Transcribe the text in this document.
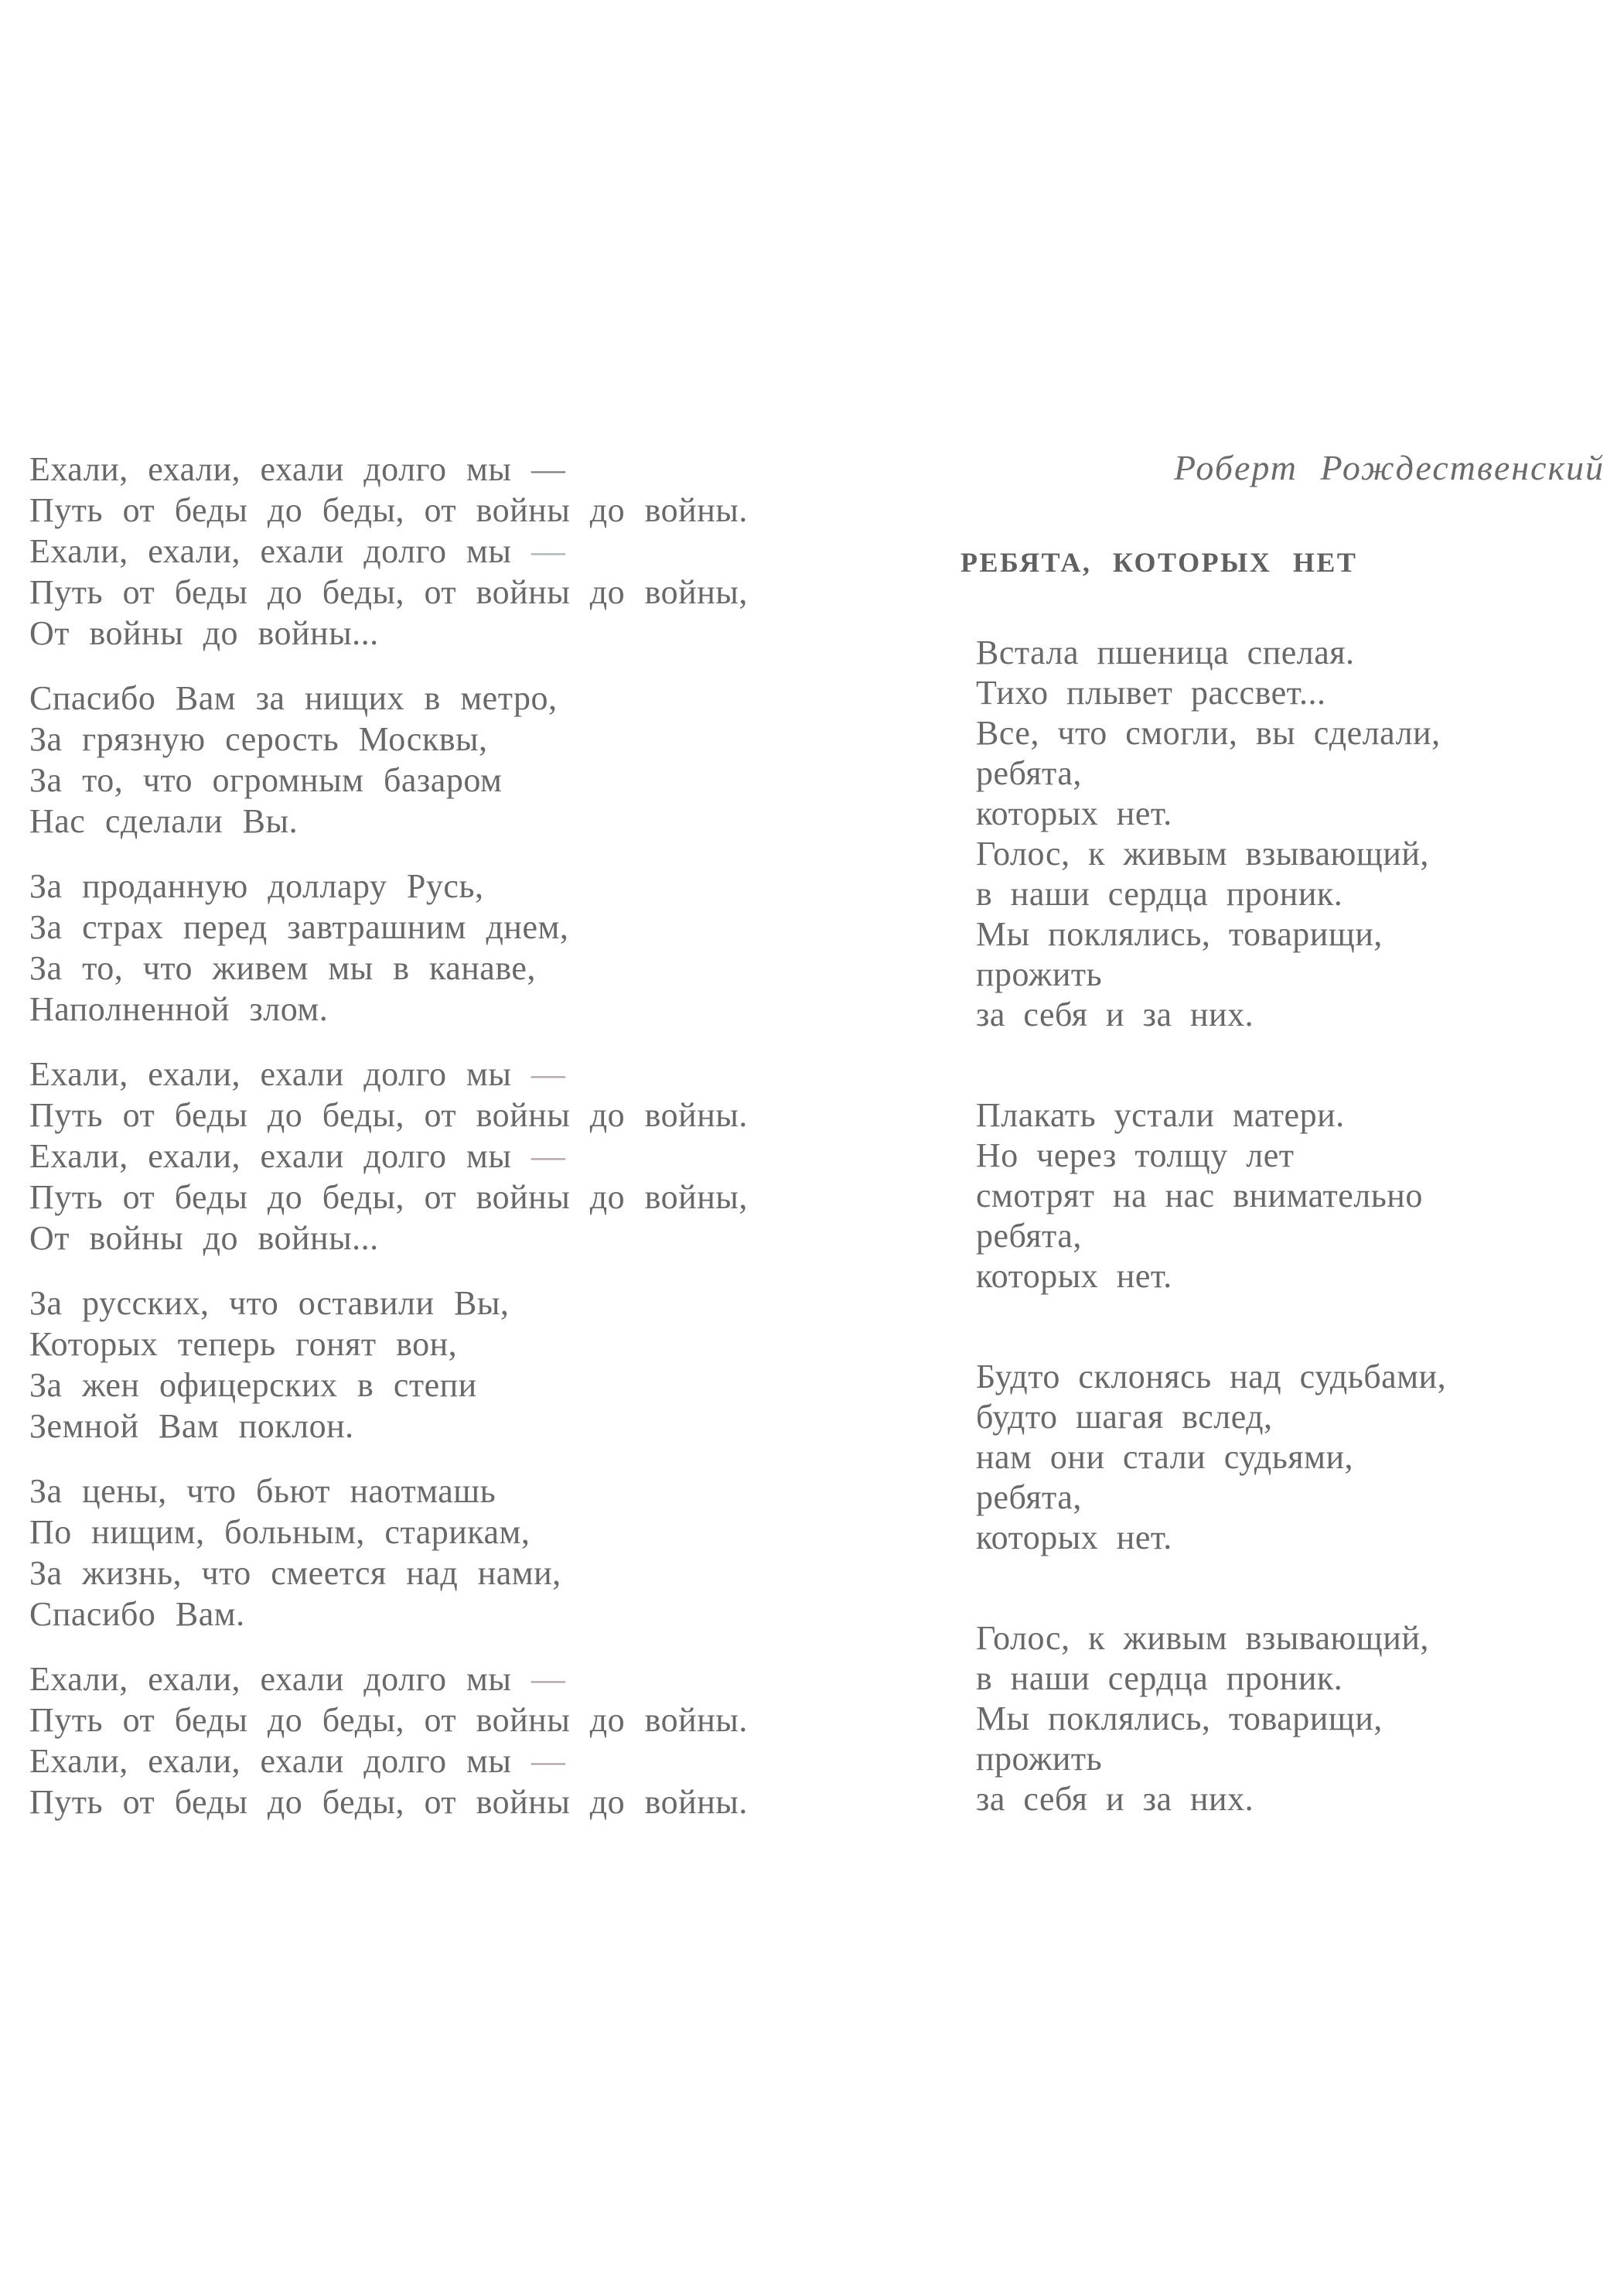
Ехали, ехали, ехали долго мы —
Путь от беды до беды, от войны до войны.
Ехали, ехали, ехали долго мы —
Путь от беды до беды, от войны до войны,
От войны до войны...
Спасибо Вам за нищих в метро,
За грязную серость Москвы,
За то, что огромным базаром
Нас сделали Вы.
За проданную доллару Русь,
За страх перед завтрашним днем,
За то, что живем мы в канаве,
Наполненной злом.
Ехали, ехали, ехали долго мы —
Путь от беды до беды, от войны до войны.
Ехали, ехали, ехали долго мы —
Путь от беды до беды, от войны до войны,
От войны до войны...
За русских, что оставили Вы,
Которых теперь гонят вон,
За жен офицерских в степи
Земной Вам поклон.
За цены, что бьют наотмашь
По нищим, больным, старикам,
За жизнь, что смеется над нами,
Спасибо Вам.
Ехали, ехали, ехали долго мы —
Путь от беды до беды, от войны до войны.
Ехали, ехали, ехали долго мы —
Путь от беды до беды, от войны до войны.
Роберт Рождественский
РЕБЯТА, КОТОРЫХ НЕТ
Встала пшеница спелая.
Тихо плывет рассвет...
Все, что смогли, вы сделали,
ребята,
которых нет.
Голос, к живым взывающий,
в наши сердца проник.
Мы поклялись, товарищи,
прожить
за себя и за них.
Плакать устали матери.
Но через толщу лет
смотрят на нас внимательно
ребята,
которых нет.
Будто склонясь над судьбами,
будто шагая вслед,
нам они стали судьями,
ребята,
которых нет.
Голос, к живым взывающий,
в наши сердца проник.
Мы поклялись, товарищи,
прожить
за себя и за них.
